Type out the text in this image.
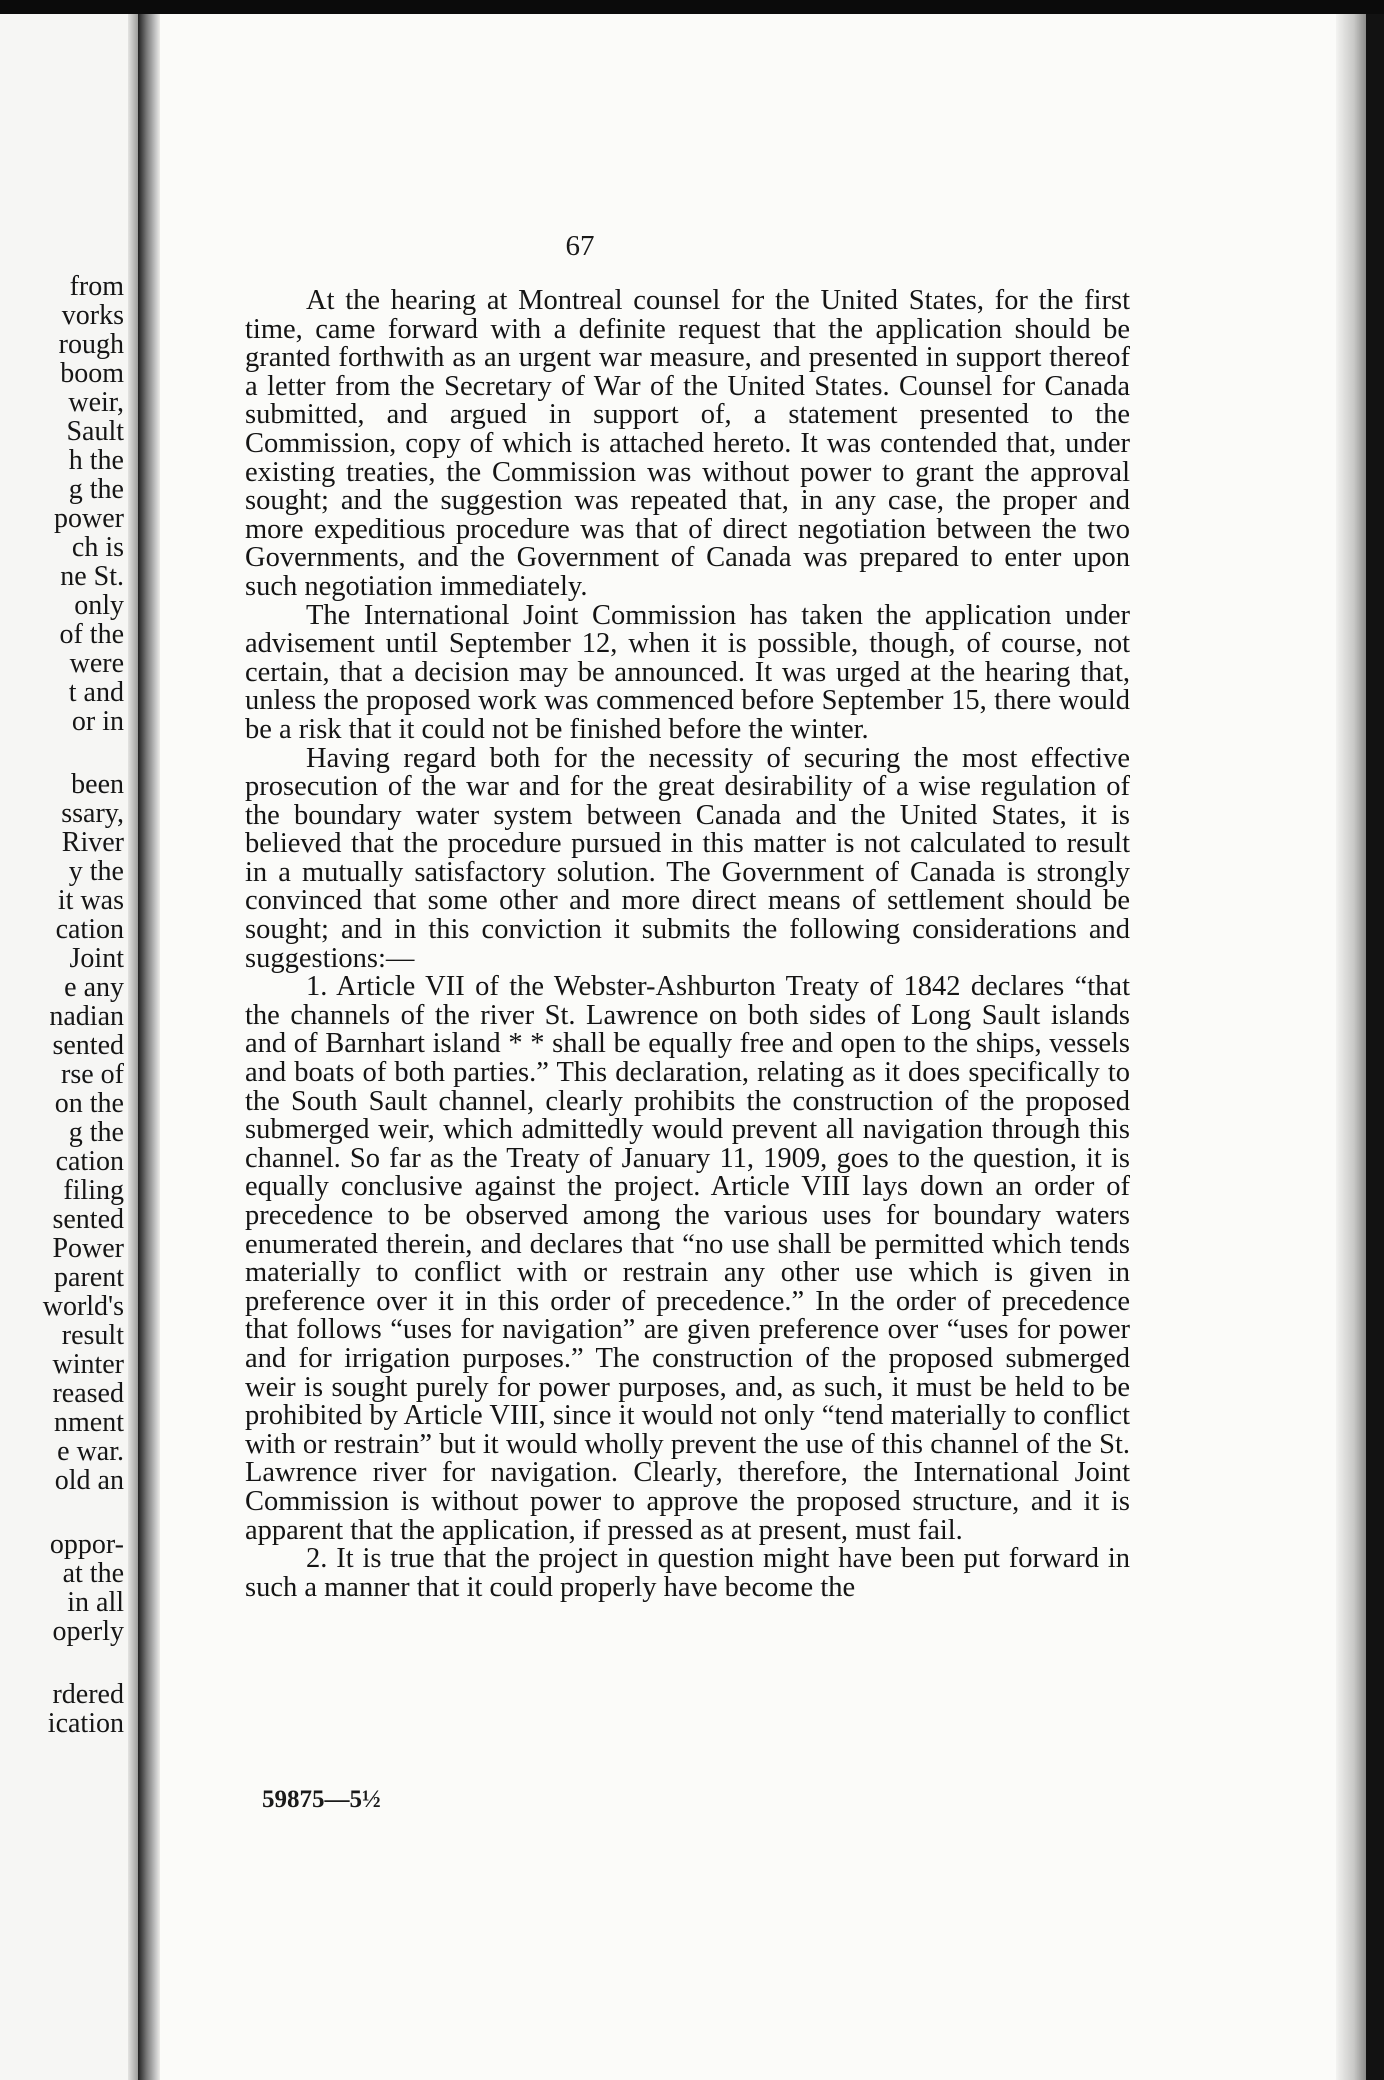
from
vorks
rough
boom
weir,
Sault
h the
g the
power
ch is
ne St.
only
of the
were
t and
or in
been
ssary,
River
y the
it was
cation
Joint
e any
nadian
sented
rse of
on the
g the
cation
filing
sented
Power
parent
world's
result
winter
reased
nment
e war.
old an
oppor-
at the
in all
operly
rdered
ication
67

At the hearing at Montreal counsel for the United States, for the first time, came forward with a definite request that the application should be granted forthwith as an urgent war measure, and presented in support thereof a letter from the Secretary of War of the United States. Counsel for Canada submitted, and argued in support of, a statement presented to the Commission, copy of which is attached hereto. It was contended that, under existing treaties, the Commission was without power to grant the approval sought; and the suggestion was repeated that, in any case, the proper and more expeditious procedure was that of direct negotiation between the two Governments, and the Government of Canada was prepared to enter upon such negotiation immediately.

The International Joint Commission has taken the application under advisement until September 12, when it is possible, though, of course, not certain, that a decision may be announced. It was urged at the hearing that, unless the proposed work was commenced before September 15, there would be a risk that it could not be finished before the winter.

Having regard both for the necessity of securing the most effective prosecution of the war and for the great desirability of a wise regulation of the boundary water system between Canada and the United States, it is believed that the procedure pursued in this matter is not calculated to result in a mutually satisfactory solution. The Government of Canada is strongly convinced that some other and more direct means of settlement should be sought; and in this conviction it submits the following considerations and suggestions:—

1. Article VII of the Webster-Ashburton Treaty of 1842 declares “that the channels of the river St. Lawrence on both sides of Long Sault islands and of Barnhart island * * shall be equally free and open to the ships, vessels and boats of both parties.” This declaration, relating as it does specifically to the South Sault channel, clearly prohibits the construction of the proposed submerged weir, which admittedly would prevent all navigation through this channel. So far as the Treaty of January 11, 1909, goes to the question, it is equally conclusive against the project. Article VIII lays down an order of precedence to be observed among the various uses for boundary waters enumerated therein, and declares that “no use shall be permitted which tends materially to conflict with or restrain any other use which is given in preference over it in this order of precedence.” In the order of precedence that follows “uses for navigation” are given preference over “uses for power and for irrigation purposes.” The construction of the proposed submerged weir is sought purely for power purposes, and, as such, it must be held to be prohibited by Article VIII, since it would not only “tend materially to conflict with or restrain” but it would wholly prevent the use of this channel of the St. Lawrence river for navigation. Clearly, therefore, the International Joint Commission is without power to approve the proposed structure, and it is apparent that the application, if pressed as at present, must fail.

2. It is true that the project in question might have been put forward in such a manner that it could properly have become the

59875—5½
